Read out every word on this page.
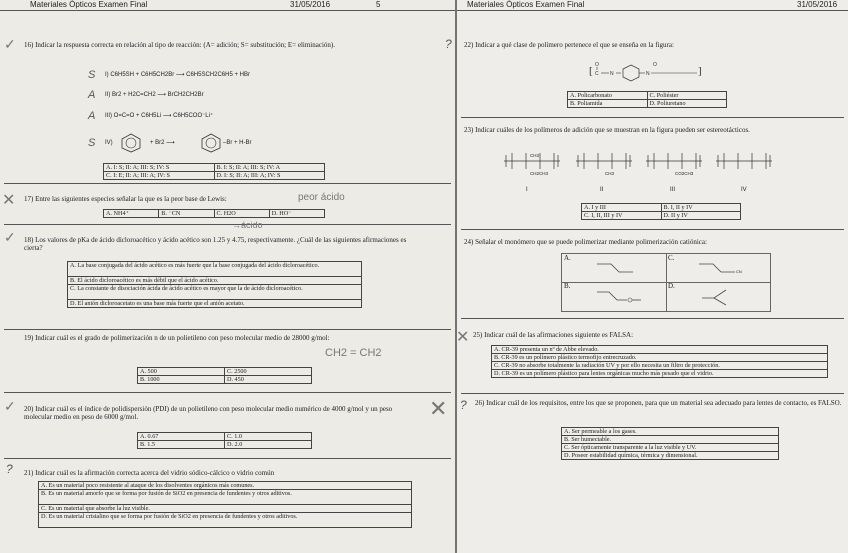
Materiales Ópticos Examen Final	31/05/2016	5
✓ 16) Indicar la respuesta correcta en relación al tipo de reacción: (A= adición; S= substitución; E= eliminación).
S I) C6H5SH + C6H5CH2Br ⟶ C6H5SCH2C6H5 + HBr
A II) Br2 + H2C=CH2 ⟶ BrCH2CH2Br
A III) O=C=O + C6H5Li ⟶ C6H5COO⁻Li⁺
S IV)	+ Br2 ⟶	–Br + H-Br
A. I: S; II: A; III: S; IV: S	B. I: S; II: A; III: S; IV: A
C. I: E; II: A; III: A; IV: S	D. I: S; II: A; III: A; IV: S
✕ 17) Entre las siguientes especies señalar la que es la peor base de Lewis:	peor ácido
A. NH4⁺	B. ⁻CN	C. H2O	D. HO⁻
✓ 18) Los valores de pKa de ácido dicloroacético y ácido acético son 1.25 y 4.75, respectivamente. ¿Cuál de las siguientes afirmaciones es cierta?
→ácido
A. La base conjugada del ácido acético es más fuerte que la base conjugada del ácido dicloroacético.
B. El ácido dicloroacético es más débil que el ácido acético.
C. La constante de disociación ácida de ácido acético es mayor que la de ácido dicloroacético.
D. El anión dicloroacetato es una base más fuerte que el anión acetato.
19) Indicar cuál es el grado de polimerización n de un polietileno con peso molecular medio de 28000 g/mol:
CH2 = CH2
A. 500	C. 2500
B. 1000	D. 450
✓ 20) Indicar cuál es el índice de polidispersión (PDI) de un polietileno con peso molecular medio numérico de 4000 g/mol y un peso molecular medio en peso de 6000 g/mol.
A. 0.67	C. 1.0
B. 1.5	D. 2.0
? 21) Indicar cuál es la afirmación correcta acerca del vidrio sódico-cálcico o vidrio común
A. Es un material poco resistente al ataque de los disolventes orgánicos más comunes.
B. Es un material amorfo que se forma por fusión de SiO2 en presencia de fundentes y otros aditivos.
C. Es un material que absorbe la luz visible.
D. Es un material cristalino que se forma por fusión de SiO2 en presencia de fundentes y otros aditivos.
Materiales Ópticos Examen Final	31/05/2016
? 22) Indicar a qué clase de polímero pertenece el que se enseña en la figura:
[ O
C N	N
O	]
A. Policarbonato	C. Poliéster
B. Poliamida	D. Poliuretano
23) Indicar cuáles de los polímeros de adición que se muestran en la figura pueden ser estereotácticos.
I	II	III	IV
CH3
CH2CH3	CH3	CO2CH3
A. I y III	B. I, II y IV
C. I, II, III y IV	D. II y IV
24) Señalar el monómero que se puede polimerizar mediante polimerización catiónica:
A.	C.
B.	D.
CN
✕ 25) Indicar cuál de las afirmaciones siguiente es FALSA:
A. CR-39 presenta un nº de Abbe elevado.
B. CR-39 es un polímero plástico termofijo entrecruzado.
C. CR-39 no absorbe totalmente la radiación UV y por ello necesita un filtro de protección.
D. CR-39 es un polímero plástico para lentes orgánicas mucho más pesado que el vidrio.
✕ ? 26) Indicar cuál de los requisitos, entre los que se proponen, para que un material sea adecuado para lentes de contacto, es FALSO.
A. Ser permeable a los gases.
B. Ser humectable.
C. Ser ópticamente transparente a la luz visible y UV.
D. Poseer estabilidad química, térmica y dimensional.
